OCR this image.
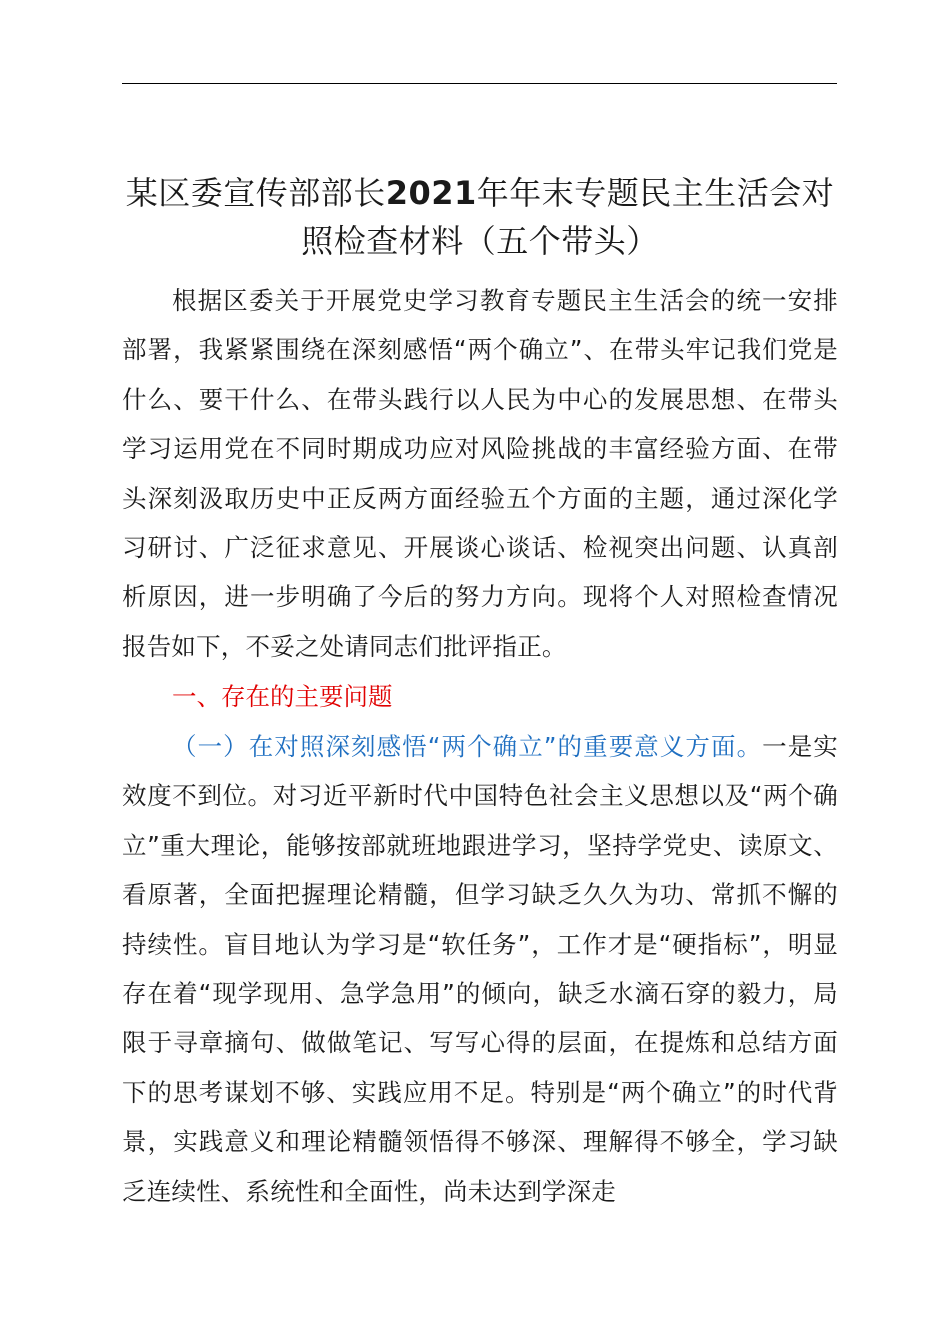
某区委宣传部部长2021年年末专题民主生活会对照检查材料（五个带头）

根据区委关于开展党史学习教育专题民主生活会的统一安排部署，我紧紧围绕在深刻感悟“两个确立”、在带头牢记我们党是什么、要干什么、在带头践行以人民为中心的发展思想、在带头学习运用党在不同时期成功应对风险挑战的丰富经验方面、在带头深刻汲取历史中正反两方面经验五个方面的主题，通过深化学习研讨、广泛征求意见、开展谈心谈话、检视突出问题、认真剖析原因，进一步明确了今后的努力方向。现将个人对照检查情况报告如下，不妥之处请同志们批评指正。

一、存在的主要问题

（一）在对照深刻感悟“两个确立”的重要意义方面。一是实效度不到位。对习近平新时代中国特色社会主义思想以及“两个确立”重大理论，能够按部就班地跟进学习，坚持学党史、读原文、看原著，全面把握理论精髓，但学习缺乏久久为功、常抓不懈的持续性。盲目地认为学习是“软任务”，工作才是“硬指标”，明显存在着“现学现用、急学急用”的倾向，缺乏水滴石穿的毅力，局限于寻章摘句、做做笔记、写写心得的层面，在提炼和总结方面下的思考谋划不够、实践应用不足。特别是“两个确立”的时代背景，实践意义和理论精髓领悟得不够深、理解得不够全，学习缺乏连续性、系统性和全面性，尚未达到学深走
